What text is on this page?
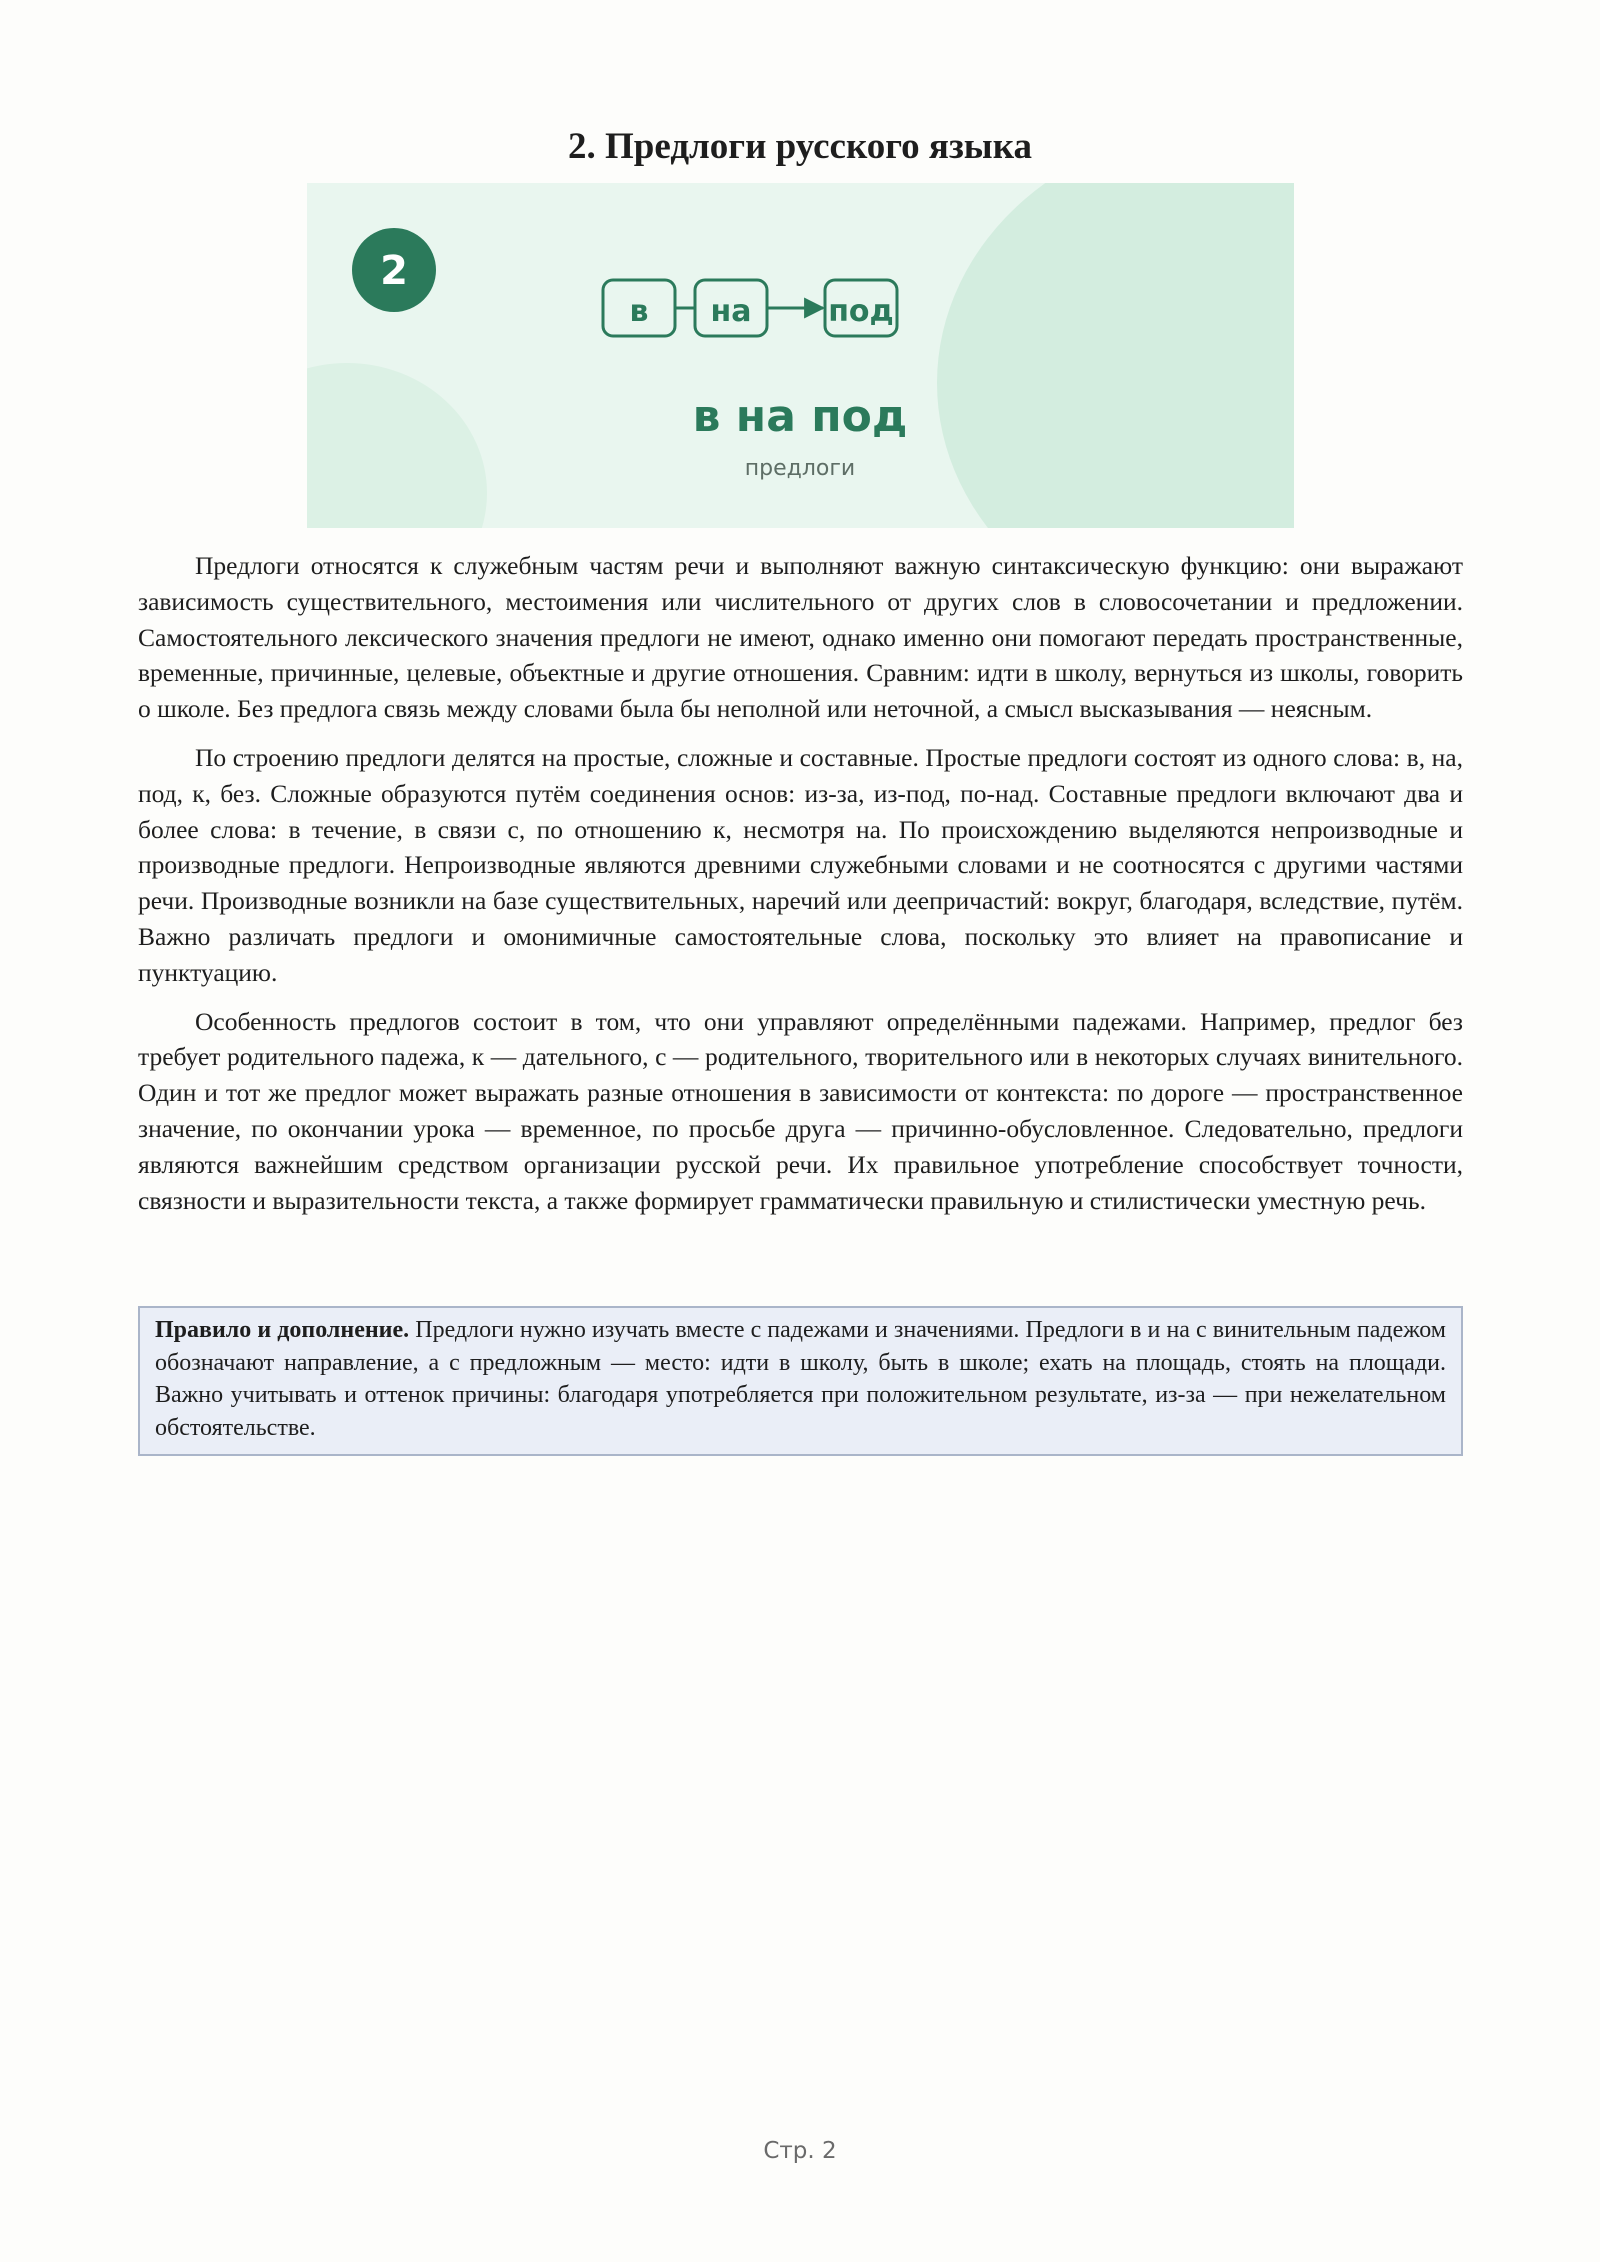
2. Предлоги русского языка
2
в на	под
в на под
предлоги

Предлоги относятся к служебным частям речи и выполняют важную синтаксическую функцию: они выражают зависимость существительного, местоимения или числительного от других слов в словосочетании и предложении. Самостоятельного лексического значения предлоги не имеют, однако именно они помогают передать пространственные, временные, причинные, целевые, объектные и другие отношения. Сравним: идти в школу, вернуться из школы, говорить о школе. Без предлога связь между словами была бы неполной или неточной, а смысл высказывания — неясным.

По строению предлоги делятся на простые, сложные и составные. Простые предлоги состоят из одного слова: в, на, под, к, без. Сложные образуются путём соединения основ: из-за, из-под, по-над. Составные предлоги включают два и более слова: в течение, в связи с, по отношению к, несмотря на. По происхождению выделяются непроизводные и производные предлоги. Непроизводные являются древними служебными словами и не соотносятся с другими частями речи. Производные возникли на базе существительных, наречий или деепричастий: вокруг, благодаря, вследствие, путём. Важно различать предлоги и омонимичные самостоятельные слова, поскольку это влияет на правописание и пунктуацию.

Особенность предлогов состоит в том, что они управляют определёнными падежами. Например, предлог без требует родительного падежа, к — дательного, с — родительного, творительного или в некоторых случаях винительного. Один и тот же предлог может выражать разные отношения в зависимости от контекста: по дороге — пространственное значение, по окончании урока — временное, по просьбе друга — причинно-обусловленное. Следовательно, предлоги являются важнейшим средством организации русской речи. Их правильное употребление способствует точности, связности и выразительности текста, а также формирует грамматически правильную и стилистически уместную речь.

Правило и дополнение. Предлоги нужно изучать вместе с падежами и значениями. Предлоги в и на с винительным падежом обозначают направление, а с предложным — место: идти в школу, быть в школе; ехать на площадь, стоять на площади. Важно учитывать и оттенок причины: благодаря употребляется при положительном результате, из-за — при нежелательном обстоятельстве.
Стр. 2
